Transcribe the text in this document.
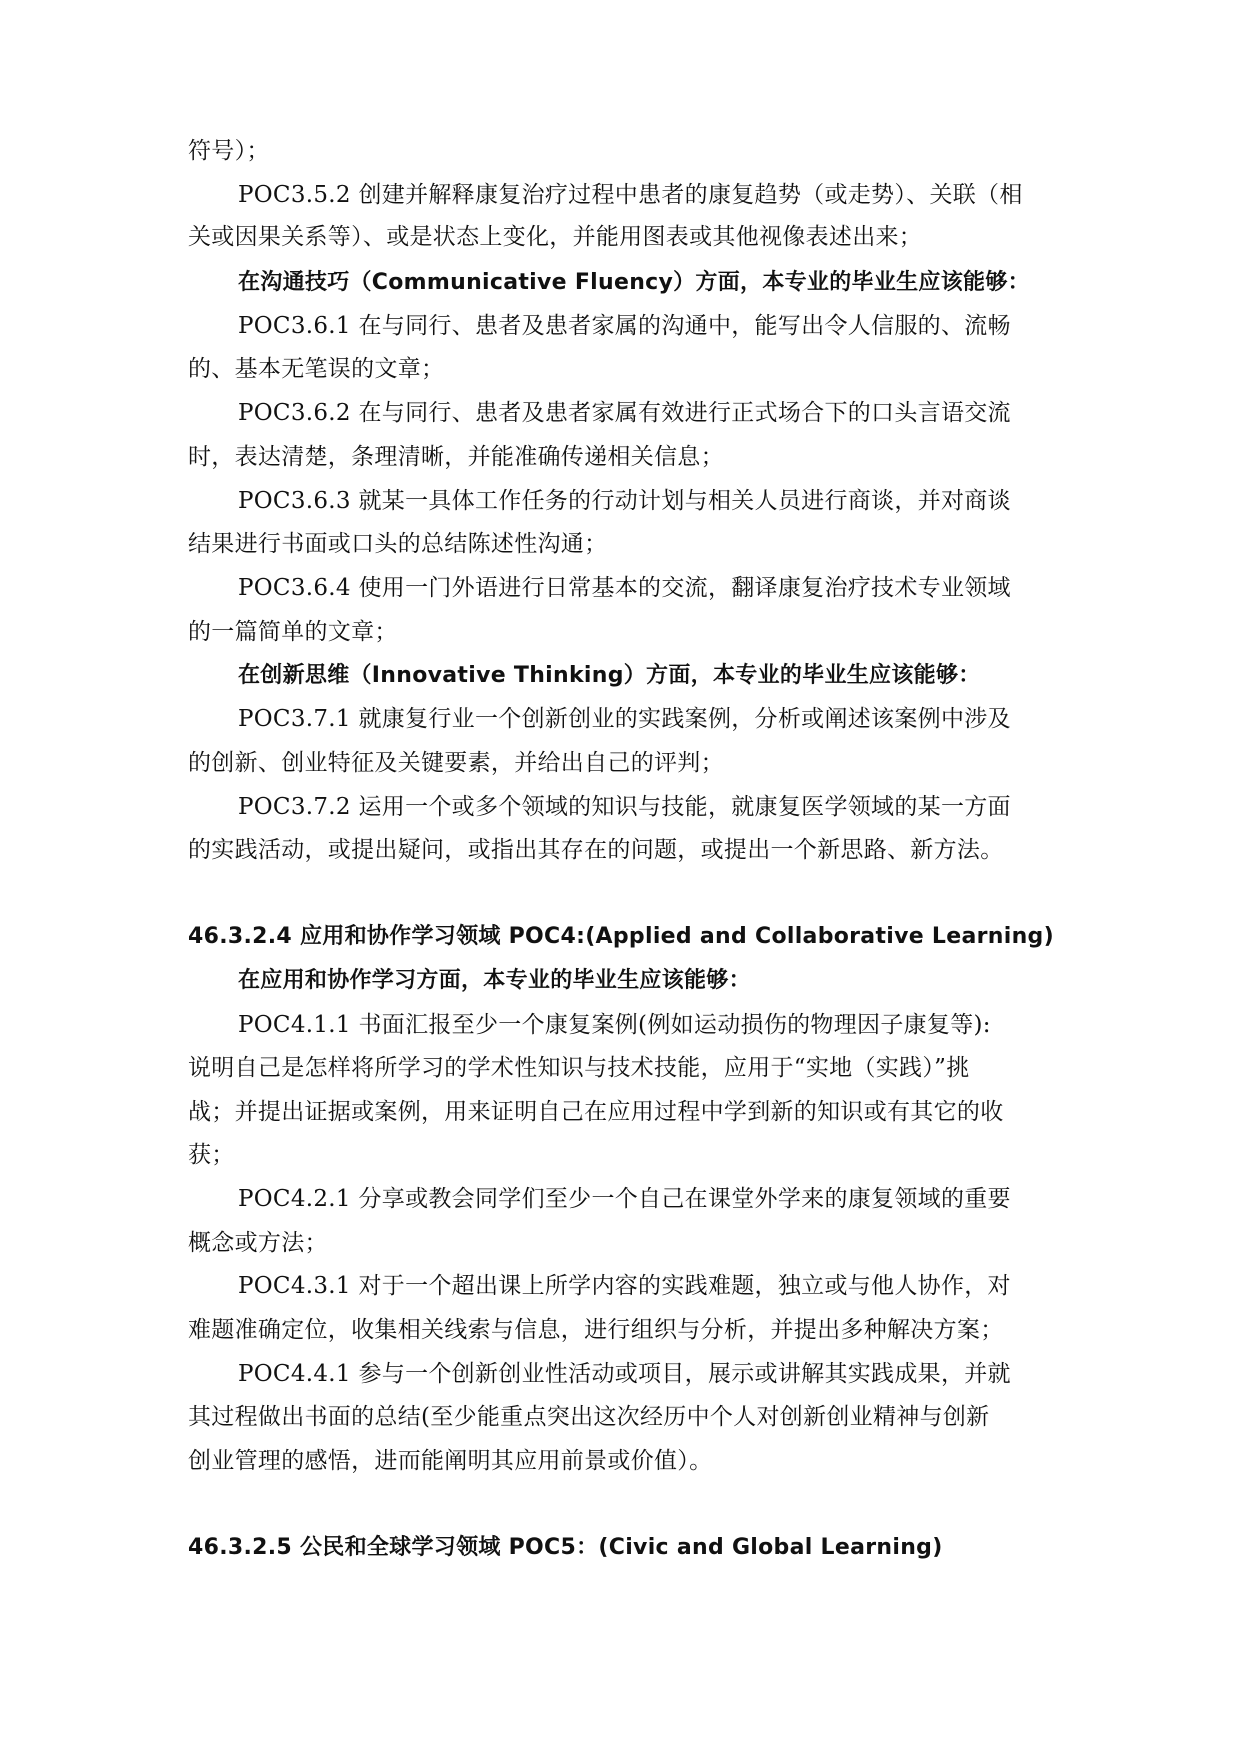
符号）；
POC3.5.2 创建并解释康复治疗过程中患者的康复趋势（或走势）、关联（相
关或因果关系等）、或是状态上变化，并能用图表或其他视像表述出来；
在沟通技巧（Communicative Fluency）方面，本专业的毕业生应该能够：
POC3.6.1 在与同行、患者及患者家属的沟通中，能写出令人信服的、流畅
的、基本无笔误的文章；
POC3.6.2 在与同行、患者及患者家属有效进行正式场合下的口头言语交流
时，表达清楚，条理清晰，并能准确传递相关信息；
POC3.6.3 就某一具体工作任务的行动计划与相关人员进行商谈，并对商谈
结果进行书面或口头的总结陈述性沟通；
POC3.6.4 使用一门外语进行日常基本的交流，翻译康复治疗技术专业领域
的一篇简单的文章；
在创新思维（Innovative Thinking）方面，本专业的毕业生应该能够：
POC3.7.1 就康复行业一个创新创业的实践案例，分析或阐述该案例中涉及
的创新、创业特征及关键要素，并给出自己的评判；
POC3.7.2 运用一个或多个领域的知识与技能，就康复医学领域的某一方面
的实践活动，或提出疑问，或指出其存在的问题，或提出一个新思路、新方法。
46.3.2.4 应用和协作学习领域 POC4:(Applied and Collaborative Learning)
在应用和协作学习方面，本专业的毕业生应该能够：
POC4.1.1 书面汇报至少一个康复案例(例如运动损伤的物理因子康复等):
说明自己是怎样将所学习的学术性知识与技术技能，应用于“实地（实践）”挑
战；并提出证据或案例，用来证明自己在应用过程中学到新的知识或有其它的收
获；
POC4.2.1 分享或教会同学们至少一个自己在课堂外学来的康复领域的重要
概念或方法；
POC4.3.1 对于一个超出课上所学内容的实践难题，独立或与他人协作，对
难题准确定位，收集相关线索与信息，进行组织与分析，并提出多种解决方案；
POC4.4.1 参与一个创新创业性活动或项目，展示或讲解其实践成果，并就
其过程做出书面的总结(至少能重点突出这次经历中个人对创新创业精神与创新
创业管理的感悟，进而能阐明其应用前景或价值）。
46.3.2.5 公民和全球学习领域 POC5：(Civic and Global Learning)
